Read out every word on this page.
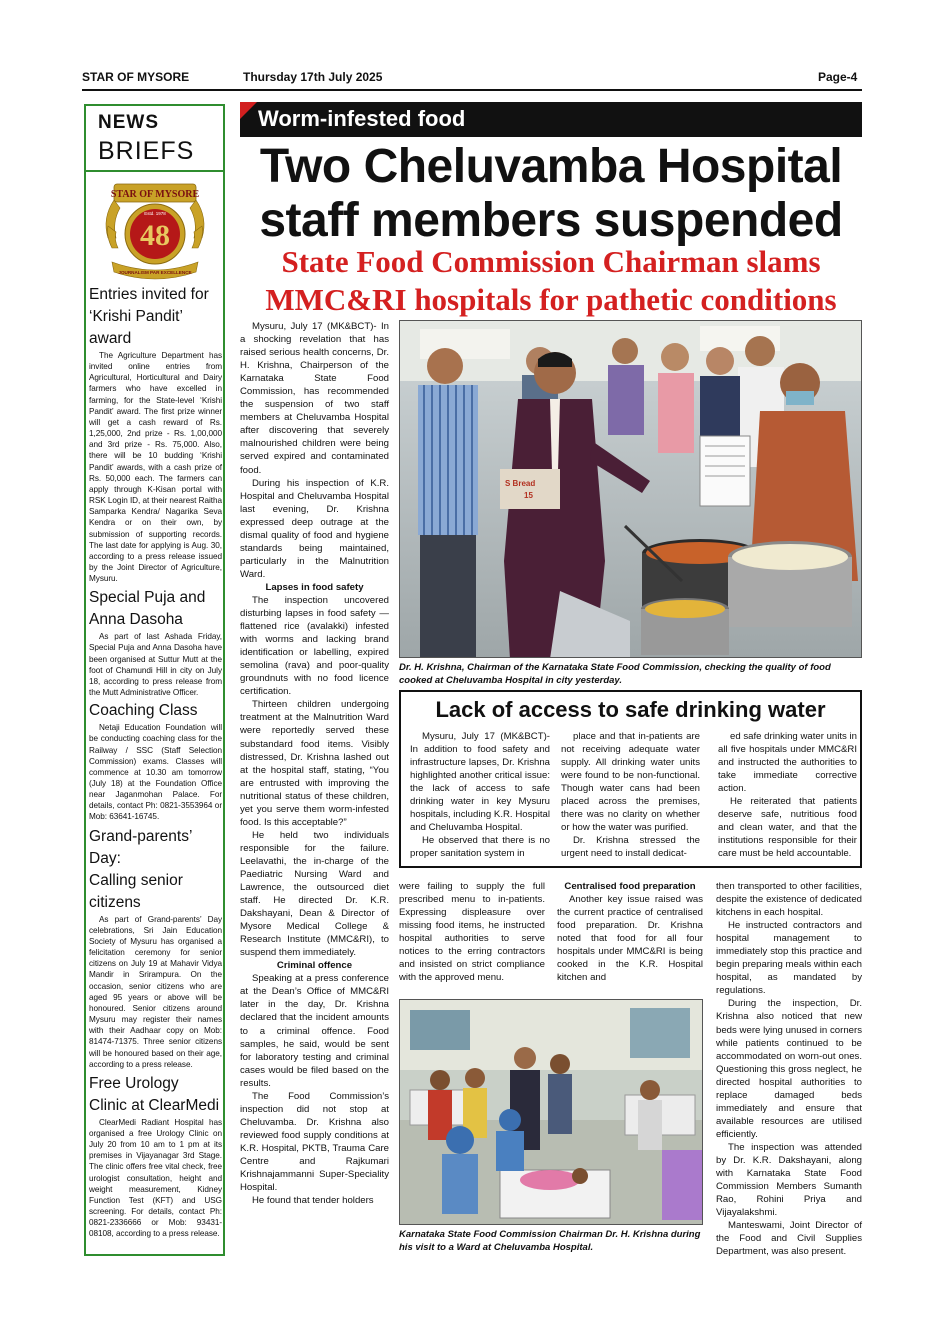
STAR OF MYSORE	Thursday 17th July 2025	Page-4
NEWS
BRIEFS
STAR OF MYSORE
Estd. 1978
48
JOURNALISM PAR EXCELLENCE
Entries invited for
‘Krishi Pandit’ award

The Agriculture Department has invited online entries from Agricultural, Horticultural and Dairy farmers who have excelled in farming, for the State-level ‘Krishi Pandit’ award. The first prize winner will get a cash reward of Rs. 1,25,000, 2nd prize - Rs. 1,00,000 and 3rd prize - Rs. 75,000. Also, there will be 10 budding ‘Krishi Pandit’ awards, with a cash prize of Rs. 50,000 each. The farmers can apply through K-Kisan portal with RSK Login ID, at their nearest Raitha Samparka Kendra/ Nagarika Seva Kendra or on their own, by submission of supporting records. The last date for applying is Aug. 30, according to a press release issued by the Joint Director of Agriculture, Mysuru.

Special Puja and
Anna Dasoha

As part of last Ashada Friday, Special Puja and Anna Dasoha have been organised at Suttur Mutt at the foot of Chamundi Hill in city on July 18, according to press release from the Mutt Administrative Officer.

Coaching Class

Netaji Education Foundation will be conducting coaching class for the Railway / SSC (Staff Selection Commission) exams. Classes will commence at 10.30 am tomorrow (July 18) at the Foundation Office near Jaganmohan Palace. For details, contact Ph: 0821-3553964 or Mob: 63641-16745.

Grand-parents’ Day:
Calling senior citizens

As part of Grand-parents’ Day celebrations, Sri Jain Education Society of Mysuru has organised a felicitation ceremony for senior citizens on July 19 at Mahavir Vidya Mandir in Srirampura. On the occasion, senior citizens who are aged 95 years or above will be honoured. Senior citizens around Mysuru may register their names with their Aadhaar copy on Mob: 81474-71375. Three senior citizens will be honoured based on their age, according to a press release.

Free Urology
Clinic at ClearMedi

ClearMedi Radiant Hospital has organised a free Urology Clinic on July 20 from 10 am to 1 pm at its premises in Vijayanagar 3rd Stage. The clinic offers free vital check, free urologist consultation, height and weight measurement, Kidney Function Test (KFT) and USG screening. For details, contact Ph: 0821-2336666 or Mob: 93431-08108, according to a press release.

Worm-infested food
Two Cheluvamba Hospital
staff members suspended
State Food Commission Chairman slams
MMC&RI hospitals for pathetic conditions

Mysuru, July 17 (MK&BCT)- In a shocking revelation that has raised serious health concerns, Dr. H. Krishna, Chairperson of the Karnataka State Food Commission, has recommended the suspension of two staff members at Cheluvamba Hospital after discovering that severely malnourished children were being served expired and contaminated food.

During his inspection of K.R. Hospital and Cheluvamba Hospital last evening, Dr. Krishna expressed deep outrage at the dismal quality of food and hygiene standards being maintained, particularly in the Malnutrition Ward.

Lapses in food safety

The inspection uncovered disturbing lapses in food safety — flattened rice (avalakki) infested with worms and lacking brand identification or labelling, expired semolina (rava) and poor-quality groundnuts with no food licence certification.

Thirteen children undergoing treatment at the Malnutrition Ward were reportedly served these substandard food items. Visibly distressed, Dr. Krishna lashed out at the hospital staff, stating, “You are entrusted with improving the nutritional status of these children, yet you serve them worm-infested food. Is this acceptable?”

He held two individuals responsible for the failure. Leelavathi, the in-charge of the Paediatric Nursing Ward and Lawrence, the outsourced diet staff. He directed Dr. K.R. Dakshayani, Dean & Director of Mysore Medical College & Research Institute (MMC&RI), to suspend them immediately.

Criminal offence

Speaking at a press conference at the Dean’s Office of MMC&RI later in the day, Dr. Krishna declared that the incident amounts to a criminal offence. Food samples, he said, would be sent for laboratory testing and criminal cases would be filed based on the results.

The Food Commission’s inspection did not stop at Cheluvamba. Dr. Krishna also reviewed food supply conditions at K.R. Hospital, PKTB, Trauma Care Centre and Rajkumari Krishnajammanni Super-Speciality Hospital.

He found that tender holders

S Bread
15
Dr. H. Krishna, Chairman of the Karnataka State Food Commission, checking the quality of food cooked at Cheluvamba Hospital in city yesterday.
Lack of access to safe drinking water

Mysuru, July 17 (MK&BCT)- In addition to food safety and infrastructure lapses, Dr. Krishna highlighted another critical issue: the lack of access to safe drinking water in key Mysuru hospitals, including K.R. Hospital and Cheluvamba Hospital.

He observed that there is no proper sanitation system in

place and that in-patients are not receiving adequate water supply. All drinking water units were found to be non-functional. Though water cans had been placed across the premises, there was no clarity on whether or how the water was purified.

Dr. Krishna stressed the urgent need to install dedicat-

ed safe drinking water units in all five hospitals under MMC&RI and instructed the authorities to take immediate corrective action.

He reiterated that patients deserve safe, nutritious food and clean water, and that the institutions responsible for their care must be held accountable.

were failing to supply the full prescribed menu to in-patients. Expressing displeasure over missing food items, he instructed hospital authorities to serve notices to the erring contractors and insisted on strict compliance with the approved menu.

Centralised food preparation

Another key issue raised was the current practice of centralised food preparation. Dr. Krishna noted that food for all four hospitals under MMC&RI is being cooked in the K.R. Hospital kitchen and

then transported to other facilities, despite the existence of dedicated kitchens in each hospital.

He instructed contractors and hospital management to immediately stop this practice and begin preparing meals within each hospital, as mandated by regulations.

During the inspection, Dr. Krishna also noticed that new beds were lying unused in corners while patients continued to be accommodated on worn-out ones. Questioning this gross neglect, he directed hospital authorities to replace damaged beds immediately and ensure that available resources are utilised efficiently.

The inspection was attended by Dr. K.R. Dakshayani, along with Karnataka State Food Commission Members Sumanth Rao, Rohini Priya and Vijayalakshmi.

Manteswami, Joint Director of the Food and Civil Supplies Department, was also present.

Karnataka State Food Commission Chairman Dr. H. Krishna during his visit to a Ward at Cheluvamba Hospital.
